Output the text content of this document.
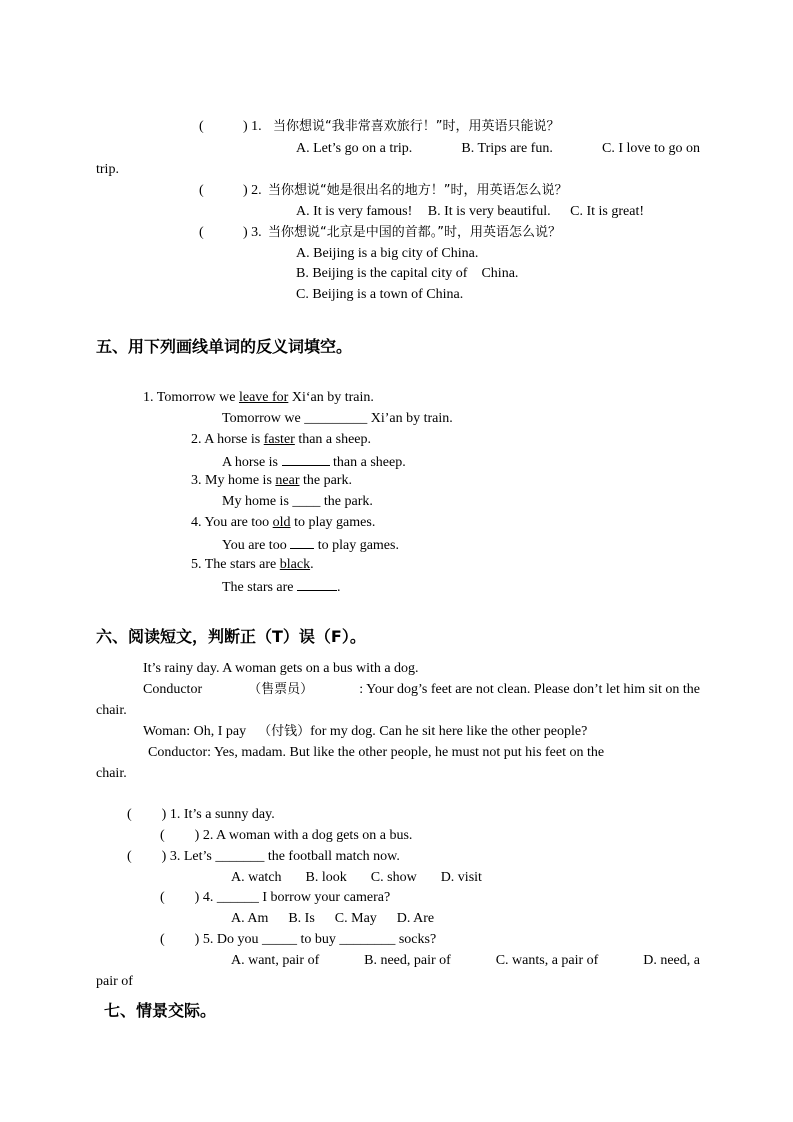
(	) 1. 当你想说“我非常喜欢旅行！”时，用英语只能说？
A. Let’s go on a trip.	B. Trips are fun.	C. I love to go on
trip.
(	) 2. 当你想说“她是很出名的地方！”时，用英语怎么说？
A. It is very famous! B. It is very beautiful. C. It is great!
(	) 3. 当你想说“北京是中国的首都。”时，用英语怎么说？
A. Beijing is a big city of China.
B. Beijing is the capital city of China.
C. Beijing is a town of China.
五、用下列画线单词的反义词填空。
1. Tomorrow we leave for Xi‘an by train.
Tomorrow we _________ Xi’an by train.
2. A horse is faster than a sheep.
A horse is	than a sheep.
3. My home is near the park.
My home is ____ the park.
4. You are too old to play games.
You are too  to play games.
5. The stars are black.
The stars are	.
六、阅读短文，判断正（T）误（F）。
It’s rainy day. A woman gets on a bus with a dog.
Conductor	（售票员）	: Your dog’s feet are not clean. Please don’t let him sit on the
chair.
Woman: Oh, I pay （付钱）for my dog. Can he sit here like the other people?
Conductor: Yes, madam. But like the other people, he must not put his feet on the
chair.
( ) 1. It’s a sunny day.
( ) 2. A woman with a dog gets on a bus.
( ) 3. Let’s _______ the football match now.
A. watch B. look C. show D. visit
( ) 4. ______ I borrow your camera?
A. Am B. Is C. May D. Are
( ) 5. Do you _____ to buy ________ socks?
A. want, pair of	B. need, pair of	C. wants, a pair of	D. need, a
pair of
七、情景交际。
